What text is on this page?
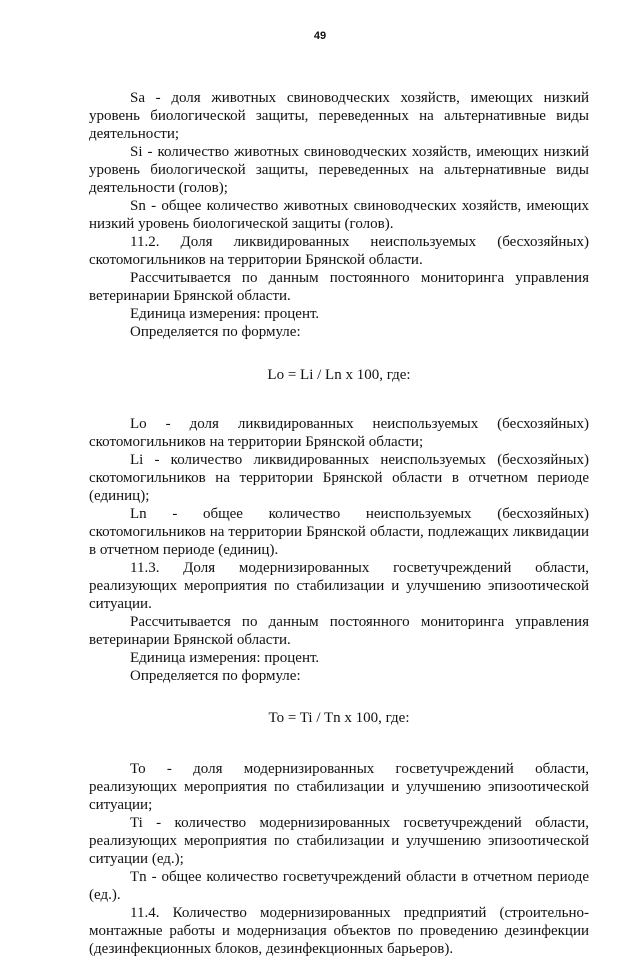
49

Sa - доля животных свиноводческих хозяйств, имеющих низкий уровень биологической защиты, переведенных на альтернативные виды деятельности;

Si - количество животных свиноводческих хозяйств, имеющих низкий уровень биологической защиты, переведенных на альтернативные виды деятельности (голов);

Sn - общее количество животных свиноводческих хозяйств, имеющих низкий уровень биологической защиты (голов).

11.2. Доля ликвидированных неиспользуемых (бесхозяйных) скотомогильников на территории Брянской области.

Рассчитывается по данным постоянного мониторинга управления ветеринарии Брянской области.

Единица измерения: процент.

Определяется по формуле:

Lo = Li / Ln x 100, где:

Lo - доля ликвидированных неиспользуемых (бесхозяйных) скотомогильников на территории Брянской области;

Li - количество ликвидированных неиспользуемых (бесхозяйных) скотомогильников на территории Брянской области в отчетном периоде (единиц);

Ln - общее количество неиспользуемых (бесхозяйных) скотомогильников на территории Брянской области, подлежащих ликвидации в отчетном периоде (единиц).

11.3. Доля модернизированных госветучреждений области, реализующих мероприятия по стабилизации и улучшению эпизоотической ситуации.

Рассчитывается по данным постоянного мониторинга управления ветеринарии Брянской области.

Единица измерения: процент.

Определяется по формуле:

To = Ti / Tn x 100, где:

To - доля модернизированных госветучреждений области, реализующих мероприятия по стабилизации и улучшению эпизоотической ситуации;

Ti - количество модернизированных госветучреждений области, реализующих мероприятия по стабилизации и улучшению эпизоотической ситуации (ед.);

Tn - общее количество госветучреждений области в отчетном периоде (ед.).

11.4. Количество модернизированных предприятий (строительно-монтажные работы и модернизация объектов по проведению дезинфекции (дезинфекционных блоков, дезинфекционных барьеров).
